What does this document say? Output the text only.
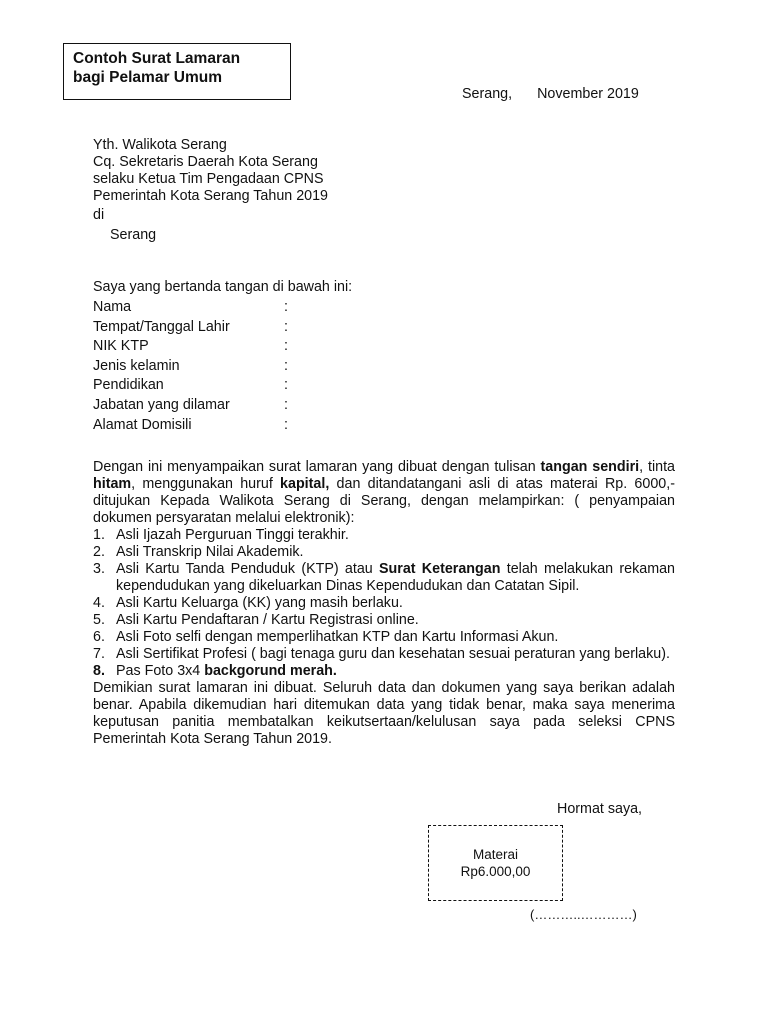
Contoh Surat Lamaran
bagi Pelamar Umum
Serang, November 2019
Yth. Walikota Serang
Cq. Sekretaris Daerah Kota Serang
selaku Ketua Tim Pengadaan CPNS
Pemerintah Kota Serang Tahun 2019
di
Serang
Saya yang bertanda tangan di bawah ini:
Nama	:
Tempat/Tanggal Lahir	:
NIK KTP	:
Jenis kelamin	:
Pendidikan	:
Jabatan yang dilamar	:
Alamat Domisili	:
Dengan ini menyampaikan surat lamaran yang dibuat dengan tulisan tangan sendiri, tinta hitam, menggunakan huruf kapital, dan ditandatangani asli di atas materai Rp. 6000,- ditujukan Kepada Walikota Serang di Serang, dengan melampirkan: ( penyampaian dokumen persyaratan melalui elektronik):
1. Asli Ijazah Perguruan Tinggi terakhir.
2. Asli Transkrip Nilai Akademik.
3. Asli Kartu Tanda Penduduk (KTP) atau Surat Keterangan telah melakukan rekaman kependudukan yang dikeluarkan Dinas Kependudukan dan Catatan Sipil.
4. Asli Kartu Keluarga (KK) yang masih berlaku.
5. Asli Kartu Pendaftaran / Kartu Registrasi online.
6. Asli Foto selfi dengan memperlihatkan KTP dan Kartu Informasi Akun.
7. Asli Sertifikat Profesi ( bagi tenaga guru dan kesehatan sesuai peraturan yang berlaku).
8. Pas Foto 3x4 backgorund merah.
Demikian surat lamaran ini dibuat. Seluruh data dan dokumen yang saya berikan adalah benar. Apabila dikemudian hari ditemukan data yang tidak benar, maka saya menerima keputusan panitia membatalkan keikutsertaan/kelulusan saya pada seleksi CPNS Pemerintah Kota Serang Tahun 2019.
Hormat saya,
Materai
Rp6.000,00
(………..…………)
